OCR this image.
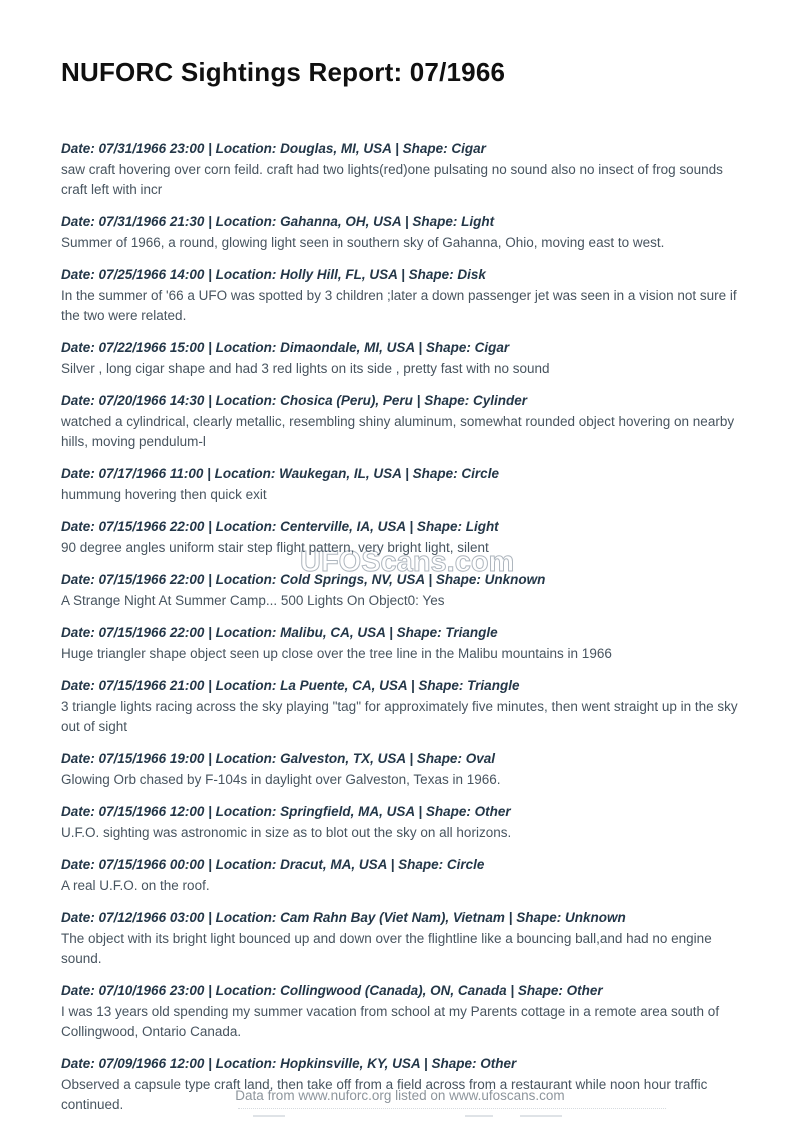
NUFORC Sightings Report: 07/1966
Date: 07/31/1966 23:00 | Location: Douglas, MI, USA | Shape: Cigar
saw craft hovering over corn feild. craft had two lights(red)one pulsating no sound also no insect of frog sounds craft left with incr
Date: 07/31/1966 21:30 | Location: Gahanna, OH, USA | Shape: Light
Summer of 1966, a round, glowing light seen in southern sky of Gahanna, Ohio, moving east to west.
Date: 07/25/1966 14:00 | Location: Holly Hill, FL, USA | Shape: Disk
In the summer of '66 a UFO was spotted by 3 children ;later a down passenger jet was seen in a vision not sure if the two were related.
Date: 07/22/1966 15:00 | Location: Dimaondale, MI, USA | Shape: Cigar
Silver , long cigar shape and had 3 red lights on its side , pretty fast with no sound
Date: 07/20/1966 14:30 | Location: Chosica (Peru), Peru | Shape: Cylinder
watched a cylindrical, clearly metallic, resembling shiny aluminum, somewhat rounded object hovering on nearby hills, moving pendulum-l
Date: 07/17/1966 11:00 | Location: Waukegan, IL, USA | Shape: Circle
hummung hovering then quick exit
Date: 07/15/1966 22:00 | Location: Centerville, IA, USA | Shape: Light
90 degree angles uniform stair step flight pattern, very bright light, silent
Date: 07/15/1966 22:00 | Location: Cold Springs, NV, USA | Shape: Unknown
A Strange Night At Summer Camp... 500 Lights On Object0: Yes
Date: 07/15/1966 22:00 | Location: Malibu, CA, USA | Shape: Triangle
Huge triangler shape object seen up close over the tree line in the Malibu mountains in 1966
Date: 07/15/1966 21:00 | Location: La Puente, CA, USA | Shape: Triangle
3 triangle lights racing across the sky playing "tag" for approximately five minutes, then went straight up in the sky out of sight
Date: 07/15/1966 19:00 | Location: Galveston, TX, USA | Shape: Oval
Glowing Orb chased by F-104s in daylight over Galveston, Texas in 1966.
Date: 07/15/1966 12:00 | Location: Springfield, MA, USA | Shape: Other
U.F.O. sighting was astronomic in size as to blot out the sky on all horizons.
Date: 07/15/1966 00:00 | Location: Dracut, MA, USA | Shape: Circle
A real U.F.O. on the roof.
Date: 07/12/1966 03:00 | Location: Cam Rahn Bay (Viet Nam), Vietnam | Shape: Unknown
The object with its bright light bounced up and down over the flightline like a bouncing ball,and had no engine sound.
Date: 07/10/1966 23:00 | Location: Collingwood (Canada), ON, Canada | Shape: Other
I was 13 years old spending my summer vacation from school at my Parents cottage in a remote area south of Collingwood, Ontario Canada.
Date: 07/09/1966 12:00 | Location: Hopkinsville, KY, USA | Shape: Other
Observed a capsule type craft land, then take off from a field across from a restaurant while noon hour traffic continued.
UFOScans.com
Data from www.nuforc.org listed on www.ufoscans.com
